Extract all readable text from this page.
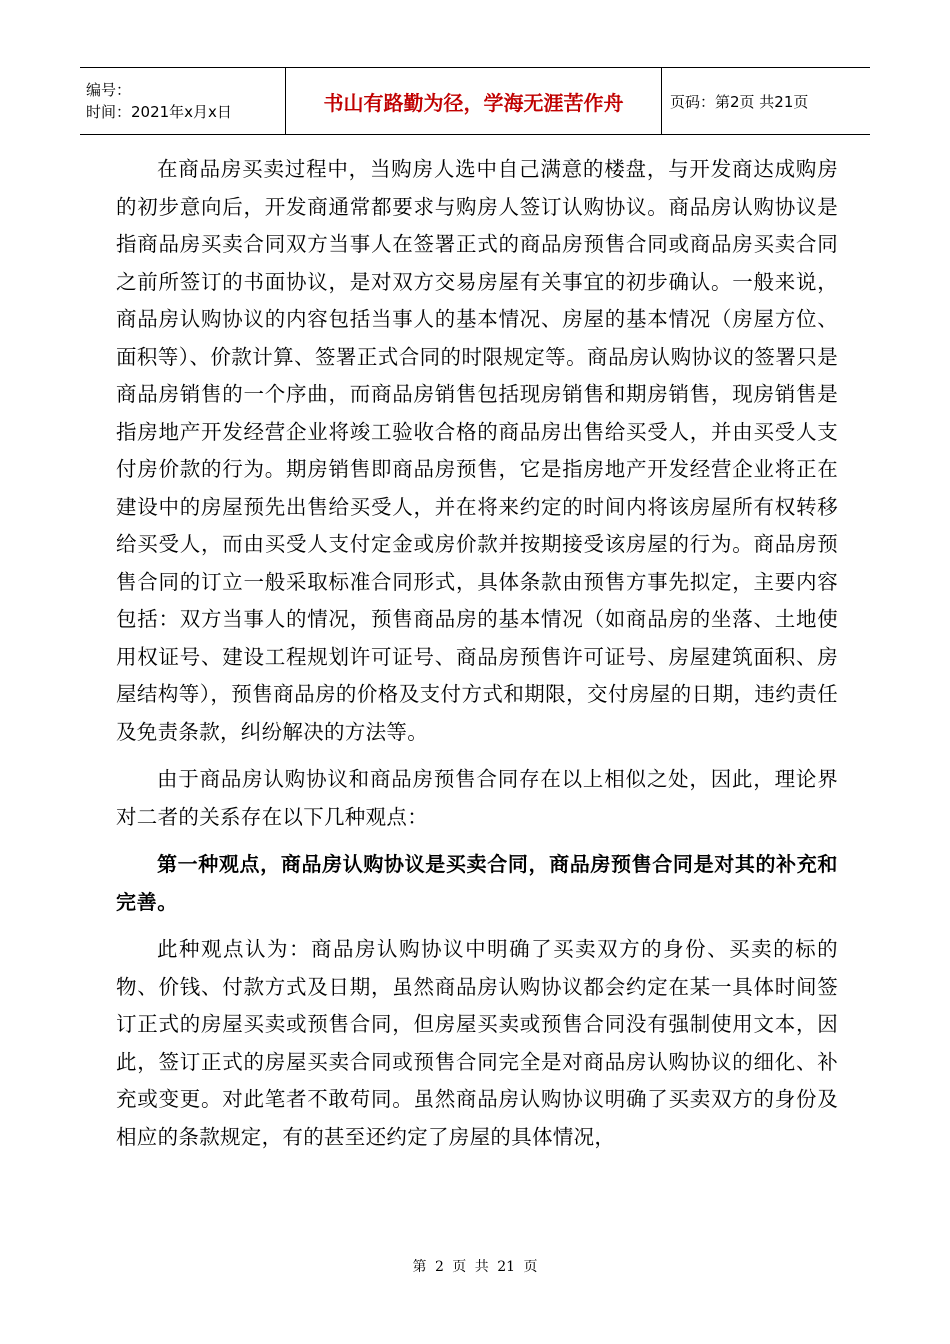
编号：
时间：2021年x月x日	书山有路勤为径，学海无涯苦作舟	页码：第2页 共21页

在商品房买卖过程中，当购房人选中自己满意的楼盘，与开发商达成购房的初步意向后，开发商通常都要求与购房人签订认购协议。商品房认购协议是指商品房买卖合同双方当事人在签署正式的商品房预售合同或商品房买卖合同之前所签订的书面协议，是对双方交易房屋有关事宜的初步确认。一般来说，商品房认购协议的内容包括当事人的基本情况、房屋的基本情况（房屋方位、面积等）、价款计算、签署正式合同的时限规定等。商品房认购协议的签署只是商品房销售的一个序曲，而商品房销售包括现房销售和期房销售，现房销售是指房地产开发经营企业将竣工验收合格的商品房出售给买受人，并由买受人支付房价款的行为。期房销售即商品房预售，它是指房地产开发经营企业将正在建设中的房屋预先出售给买受人，并在将来约定的时间内将该房屋所有权转移给买受人，而由买受人支付定金或房价款并按期接受该房屋的行为。商品房预售合同的订立一般采取标准合同形式，具体条款由预售方事先拟定，主要内容包括：双方当事人的情况，预售商品房的基本情况（如商品房的坐落、土地使用权证号、建设工程规划许可证号、商品房预售许可证号、房屋建筑面积、房屋结构等），预售商品房的价格及支付方式和期限，交付房屋的日期，违约责任及免责条款，纠纷解决的方法等。

由于商品房认购协议和商品房预售合同存在以上相似之处，因此，理论界对二者的关系存在以下几种观点：

第一种观点，商品房认购协议是买卖合同，商品房预售合同是对其的补充和完善。

此种观点认为：商品房认购协议中明确了买卖双方的身份、买卖的标的物、价钱、付款方式及日期，虽然商品房认购协议都会约定在某一具体时间签订正式的房屋买卖或预售合同，但房屋买卖或预售合同没有强制使用文本，因此，签订正式的房屋买卖合同或预售合同完全是对商品房认购协议的细化、补充或变更。对此笔者不敢苟同。虽然商品房认购协议明确了买卖双方的身份及相应的条款规定，有的甚至还约定了房屋的具体情况，

第 2 页 共 21 页
